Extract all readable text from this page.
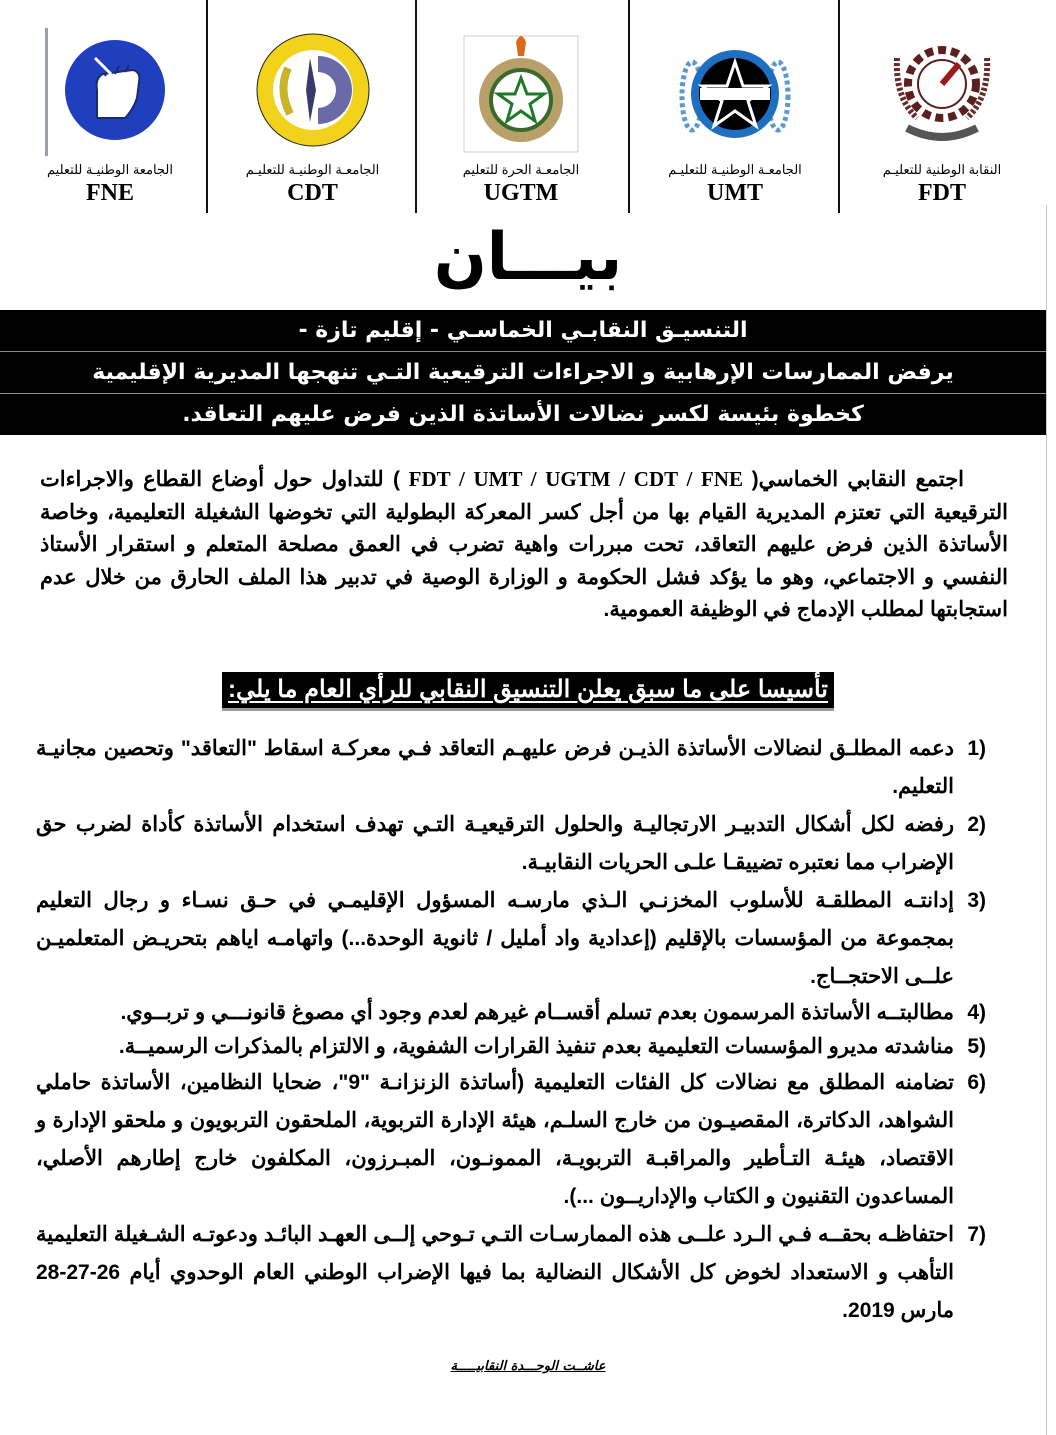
الجامعة الوطنيـة للتعليم
FNE
الجامعـة الوطنيـة للتعليـم
CDT
الجامعـة الحرة للتعليم
UGTM
الجامعـة الوطنيـة للتعليـم
UMT
النقابة الوطنية للتعليـم
FDT
بيـــان
التنسيـق النقابـي الخماسـي - إقليم تازة -
يرفض الممارسات الإرهابية و الاجراءات الترقيعية التـي تنهجها المديرية الإقليمية
كخطوة بئيسة لكسر نضالات الأساتذة الذين فرض عليهم التعاقد.
اجتمع النقابي الخماسي( FDT / UMT / UGTM / CDT / FNE ) للتداول حول أوضاع القطاع والاجراءات الترقيعية التي تعتزم المديرية القيام بها من أجل كسر المعركة البطولية التي تخوضها الشغيلة التعليمية، وخاصة الأساتذة الذين فرض عليهم التعاقد، تحت مبررات واهية تضرب في العمق مصلحة المتعلم و استقرار الأستاذ النفسي و الاجتماعي، وهو ما يؤكد فشل الحكومة و الوزارة الوصية في تدبير هذا الملف الحارق من خلال عدم استجابتها لمطلب الإدماج في الوظيفة العمومية.
تأسيسا على ما سبق يعلن التنسيق النقابي للرأي العام ما يلي:
1)
دعمه المطلـق لنضالات الأساتذة الذيـن فرض عليهـم التعاقد فـي معركـة اسقاط "التعاقد" وتحصين مجانيـة التعليم.
2)
رفضه لكل أشكال التدبيـر الارتجاليـة والحلول الترقيعيـة التـي تهدف استخدام الأساتذة كأداة لضرب حق الإضراب مما نعتبره تضييقـا علـى الحريات النقابيـة.
3)
إدانتـه المطلقـة للأسلوب المخزنـي الـذي مارسـه المسؤول الإقليمـي في حـق نسـاء و رجال التعليم بمجموعة من المؤسسات بالإقليم (إعدادية واد أمليل / ثانوية الوحدة...) واتهامـه اياهم بتحريـض المتعلميـن علــى الاحتجــاج.
4)
مطالبتــه الأساتذة المرسمون بعدم تسلم أقســام غيرهم لعدم وجود أي مصوغ قانونـــي و تربــوي.
5)
مناشدته مديرو المؤسسات التعليمية بعدم تنفيذ القرارات الشفوية، و الالتزام بالمذكرات الرسميــة.
6)
تضامنه المطلق مع نضالات كل الفئات التعليمية (أساتذة الزنزانـة "9"، ضحايا النظامين، الأساتذة حاملي الشواهد، الدكاترة، المقصيـون من خارج السلـم، هيئة الإدارة التربوية، الملحقون التربويون و ملحقو الإدارة و الاقتصاد، هيئـة التـأطير والمراقبـة التربويـة، الممونـون، المبـرزون، المكلفون خارج إطارهم الأصلي، المساعدون التقنيون و الكتاب والإداريــون ...).
7)
احتفاظـه بحقــه فـي الـرد علــى هذه الممارسـات التـي تـوحي إلــى العهـد البائـد ودعوتـه الشـغيلة التعليمية التأهب و الاستعداد لخوض كل الأشكال النضالية بما فيها الإضراب الوطني العام الوحدوي أيام 26-27-28 مارس 2019.
عاشــت الوحـــدة النقابيـــــة
